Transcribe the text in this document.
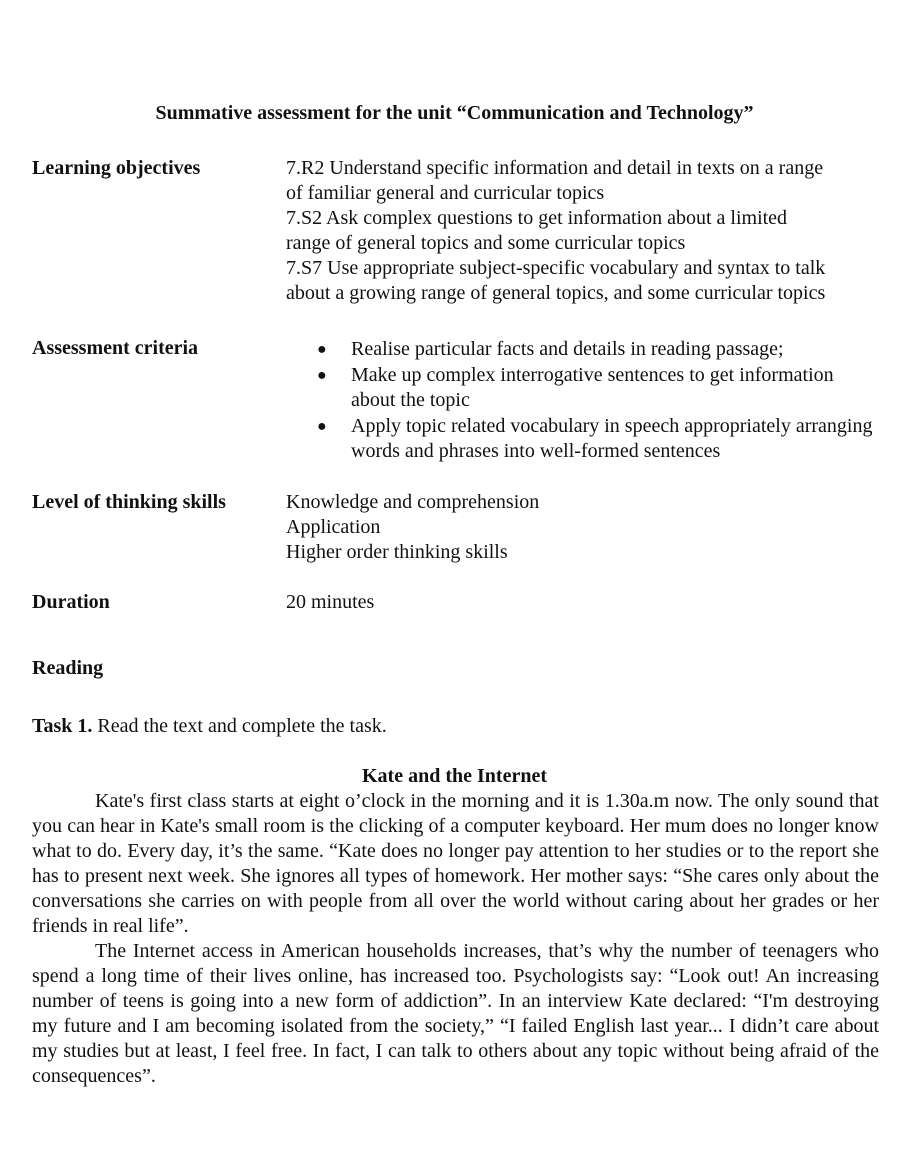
Summative assessment for the unit “Communication and Technology”
Learning objectives	7.R2 Understand specific information and detail in texts on a range
of familiar general and curricular topics
7.S2 Ask complex questions to get information about a limited
range of general topics and some curricular topics
7.S7 Use appropriate subject-specific vocabulary and syntax to talk
about a growing range of general topics, and some curricular topics
Assessment criteria	● Realise particular facts and details in reading passage;
● Make up complex interrogative sentences to get information about the topic
● Apply topic related vocabulary in speech appropriately arranging words and phrases into well-formed sentences
Level of thinking skills	Knowledge and comprehension
Application
Higher order thinking skills
Duration	20 minutes
Reading
Task 1. Read the text and complete the task.
Kate and the Internet

Kate's first class starts at eight o’clock in the morning and it is 1.30a.m now. The only sound that you can hear in Kate's small room is the clicking of a computer keyboard. Her mum does no longer know what to do. Every day, it’s the same. “Kate does no longer pay attention to her studies or to the report she has to present next week. She ignores all types of homework. Her mother says: “She cares only about the conversations she carries on with people from all over the world without caring about her grades or her friends in real life”.

The Internet access in American households increases, that’s why the number of teenagers who spend a long time of their lives online, has increased too. Psychologists say: “Look out! An increasing number of teens is going into a new form of addiction”. In an interview Kate declared: “I'm destroying my future and I am becoming isolated from the society,” “I failed English last year... I didn’t care about my studies but at least, I feel free. In fact, I can talk to others about any topic without being afraid of the consequences”.
